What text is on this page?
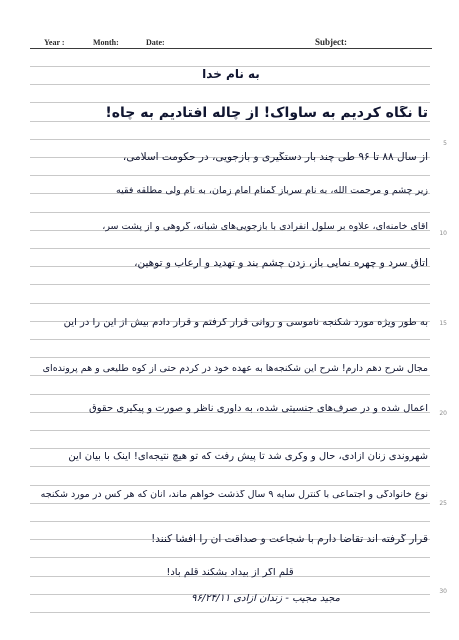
Year :	Month:	Date:	Subject:
5
10
15
20
25
30
به نام خدا
تا نگاه کردیم به ساواک! از چاله افتادیم به چاه!
از سال ۸۸ تا ۹۶ طی چند بار دستگیری و بازجویی، در حکومت اسلامی،
زیر چشم و مرحمت الله، به نام سرباز گمنام امام زمان، به نام ولی مطلقه فقیه
آقای خامنه‌ای، علاوه بر سلول انفرادی با بازجویی‌های شبانه، گروهی و از پشت سر،
اتاق سرد و چهره نمایی باز، زدن چشم بند و تهدید و ارعاب و توهین،
به طور ویژه مورد شکنجه ناموسی و روانی قرار گرفتم و قرار دادم بیش از این را در این
مجال شرح دهم دارم! شرح این شکنجه‌ها به عهده خود در کردم حتی از کوه طلیعی و هم پرونده‌ای
اعمال شده و در صرف‌های جنسیتی شده، به داوری ناظر و صورت و پیگیری حقوق
شهروندی زنان آزادی، حال و وکری شد تا پیش رفت که تو هیچ نتیجه‌ای! اینک با بیان این
نوع خانوادگی و اجتماعی با کنترل سایه ۹ سال گذشت خواهم ماند، آنان که هر کس در مورد شکنجه
قرار گرفته اند تقاضا دارم با شجاعت و صداقت آن را افشا کنند!
قلم اگر از بیداد بشکند قلم باد!
مجید مجیب - زندان آزادی ۹۶/۲۴/۱۱
